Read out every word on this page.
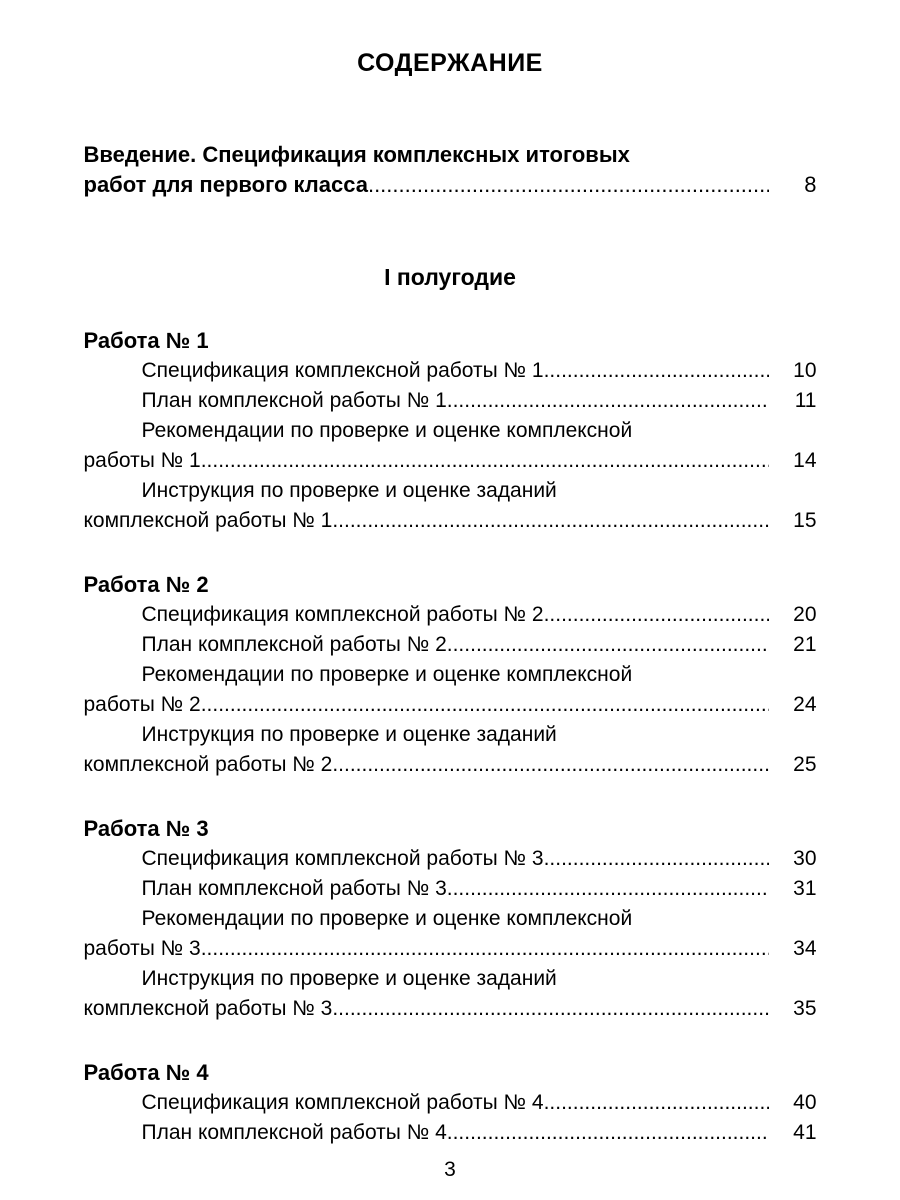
СОДЕРЖАНИЕ
Введение. Спецификация комплексных итоговых
работ для первого класса .....	8
I полугодие
Работа № 1
Спецификация комплексной работы № 1 .....	10
План комплексной работы № 1 .....	11
Рекомендации по проверке и оценке комплексной
работы № 1 .....	14
Инструкция по проверке и оценке заданий
комплексной работы № 1 .....	15
Работа № 2
Спецификация комплексной работы № 2 .....	20
План комплексной работы № 2 .....	21
Рекомендации по проверке и оценке комплексной
работы № 2 .....	24
Инструкция по проверке и оценке заданий
комплексной работы № 2 .....	25
Работа № 3
Спецификация комплексной работы № 3 .....	30
План комплексной работы № 3 .....	31
Рекомендации по проверке и оценке комплексной
работы № 3 .....	34
Инструкция по проверке и оценке заданий
комплексной работы № 3 .....	35
Работа № 4
Спецификация комплексной работы № 4 .....	40
План комплексной работы № 4 .....	41
3
